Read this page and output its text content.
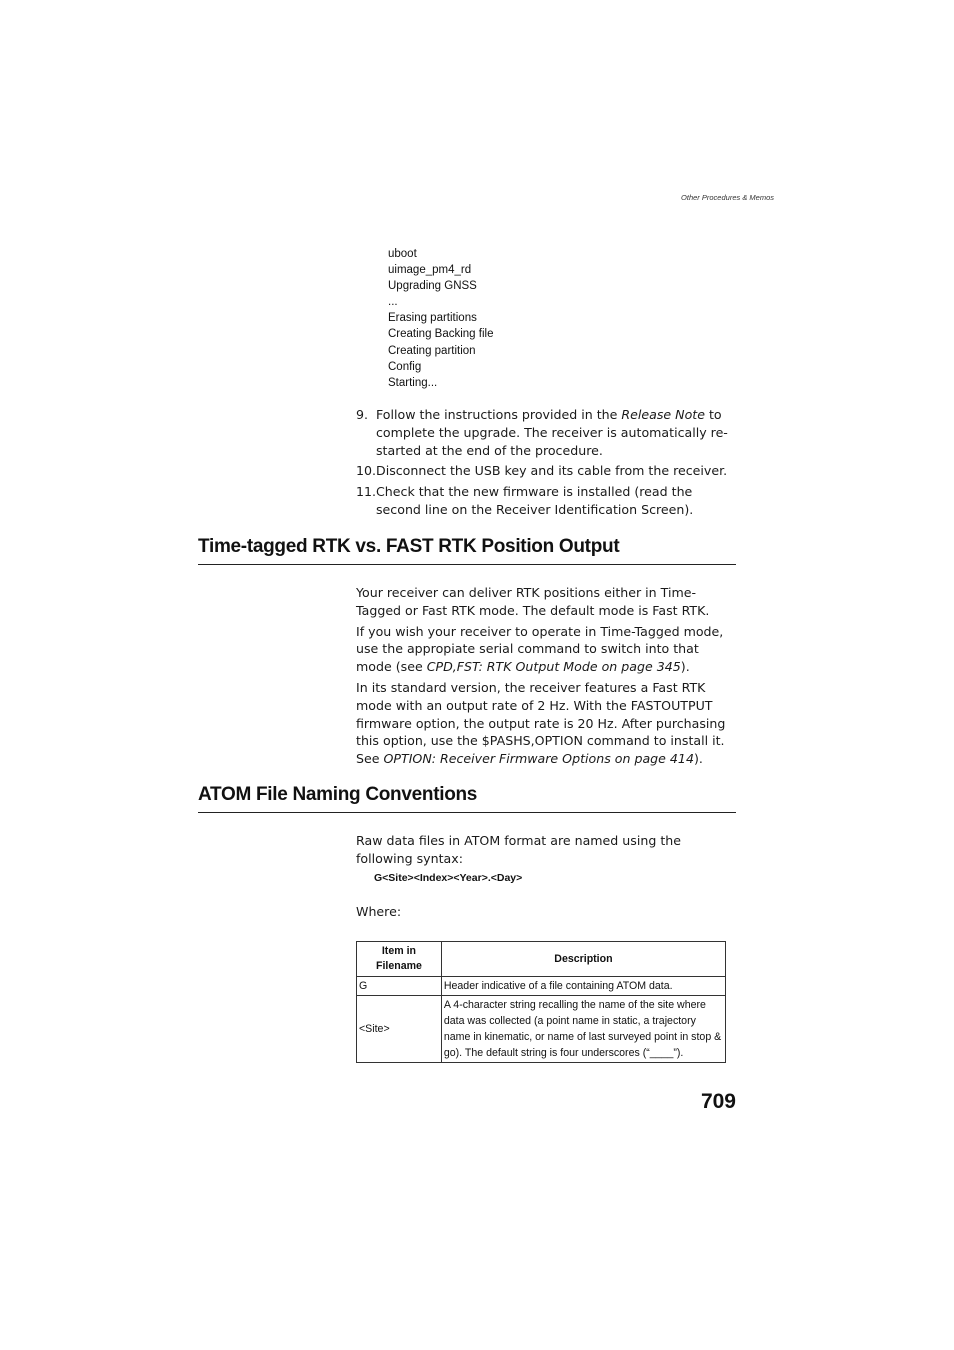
Other Procedures & Memos
uboot
uimage_pm4_rd
Upgrading GNSS
...
Erasing partitions
Creating Backing file
Creating partition
Config
Starting...
9. Follow the instructions provided in the Release Note to complete the upgrade. The receiver is automatically re-started at the end of the procedure.
10. Disconnect the USB key and its cable from the receiver.
11. Check that the new firmware is installed (read the second line on the Receiver Identification Screen).
Time-tagged RTK vs. FAST RTK Position Output

Your receiver can deliver RTK positions either in Time-Tagged or Fast RTK mode. The default mode is Fast RTK.

If you wish your receiver to operate in Time-Tagged mode, use the appropiate serial command to switch into that mode (see CPD,FST: RTK Output Mode on page 345).

In its standard version, the receiver features a Fast RTK mode with an output rate of 2 Hz. With the FASTOUTPUT firmware option, the output rate is 20 Hz. After purchasing this option, use the $PASHS,OPTION command to install it. See OPTION: Receiver Firmware Options on page 414).

ATOM File Naming Conventions

Raw data files in ATOM format are named using the following syntax:

G<Site><Index><Year>.<Day>

Where:

Item in Filename	Description
G	Header indicative of a file containing ATOM data.
<Site>	A 4-character string recalling the name of the site where data was collected (a point name in static, a trajectory name in kinematic, or name of last surveyed point in stop & go). The default string is four underscores (“____”).

709
